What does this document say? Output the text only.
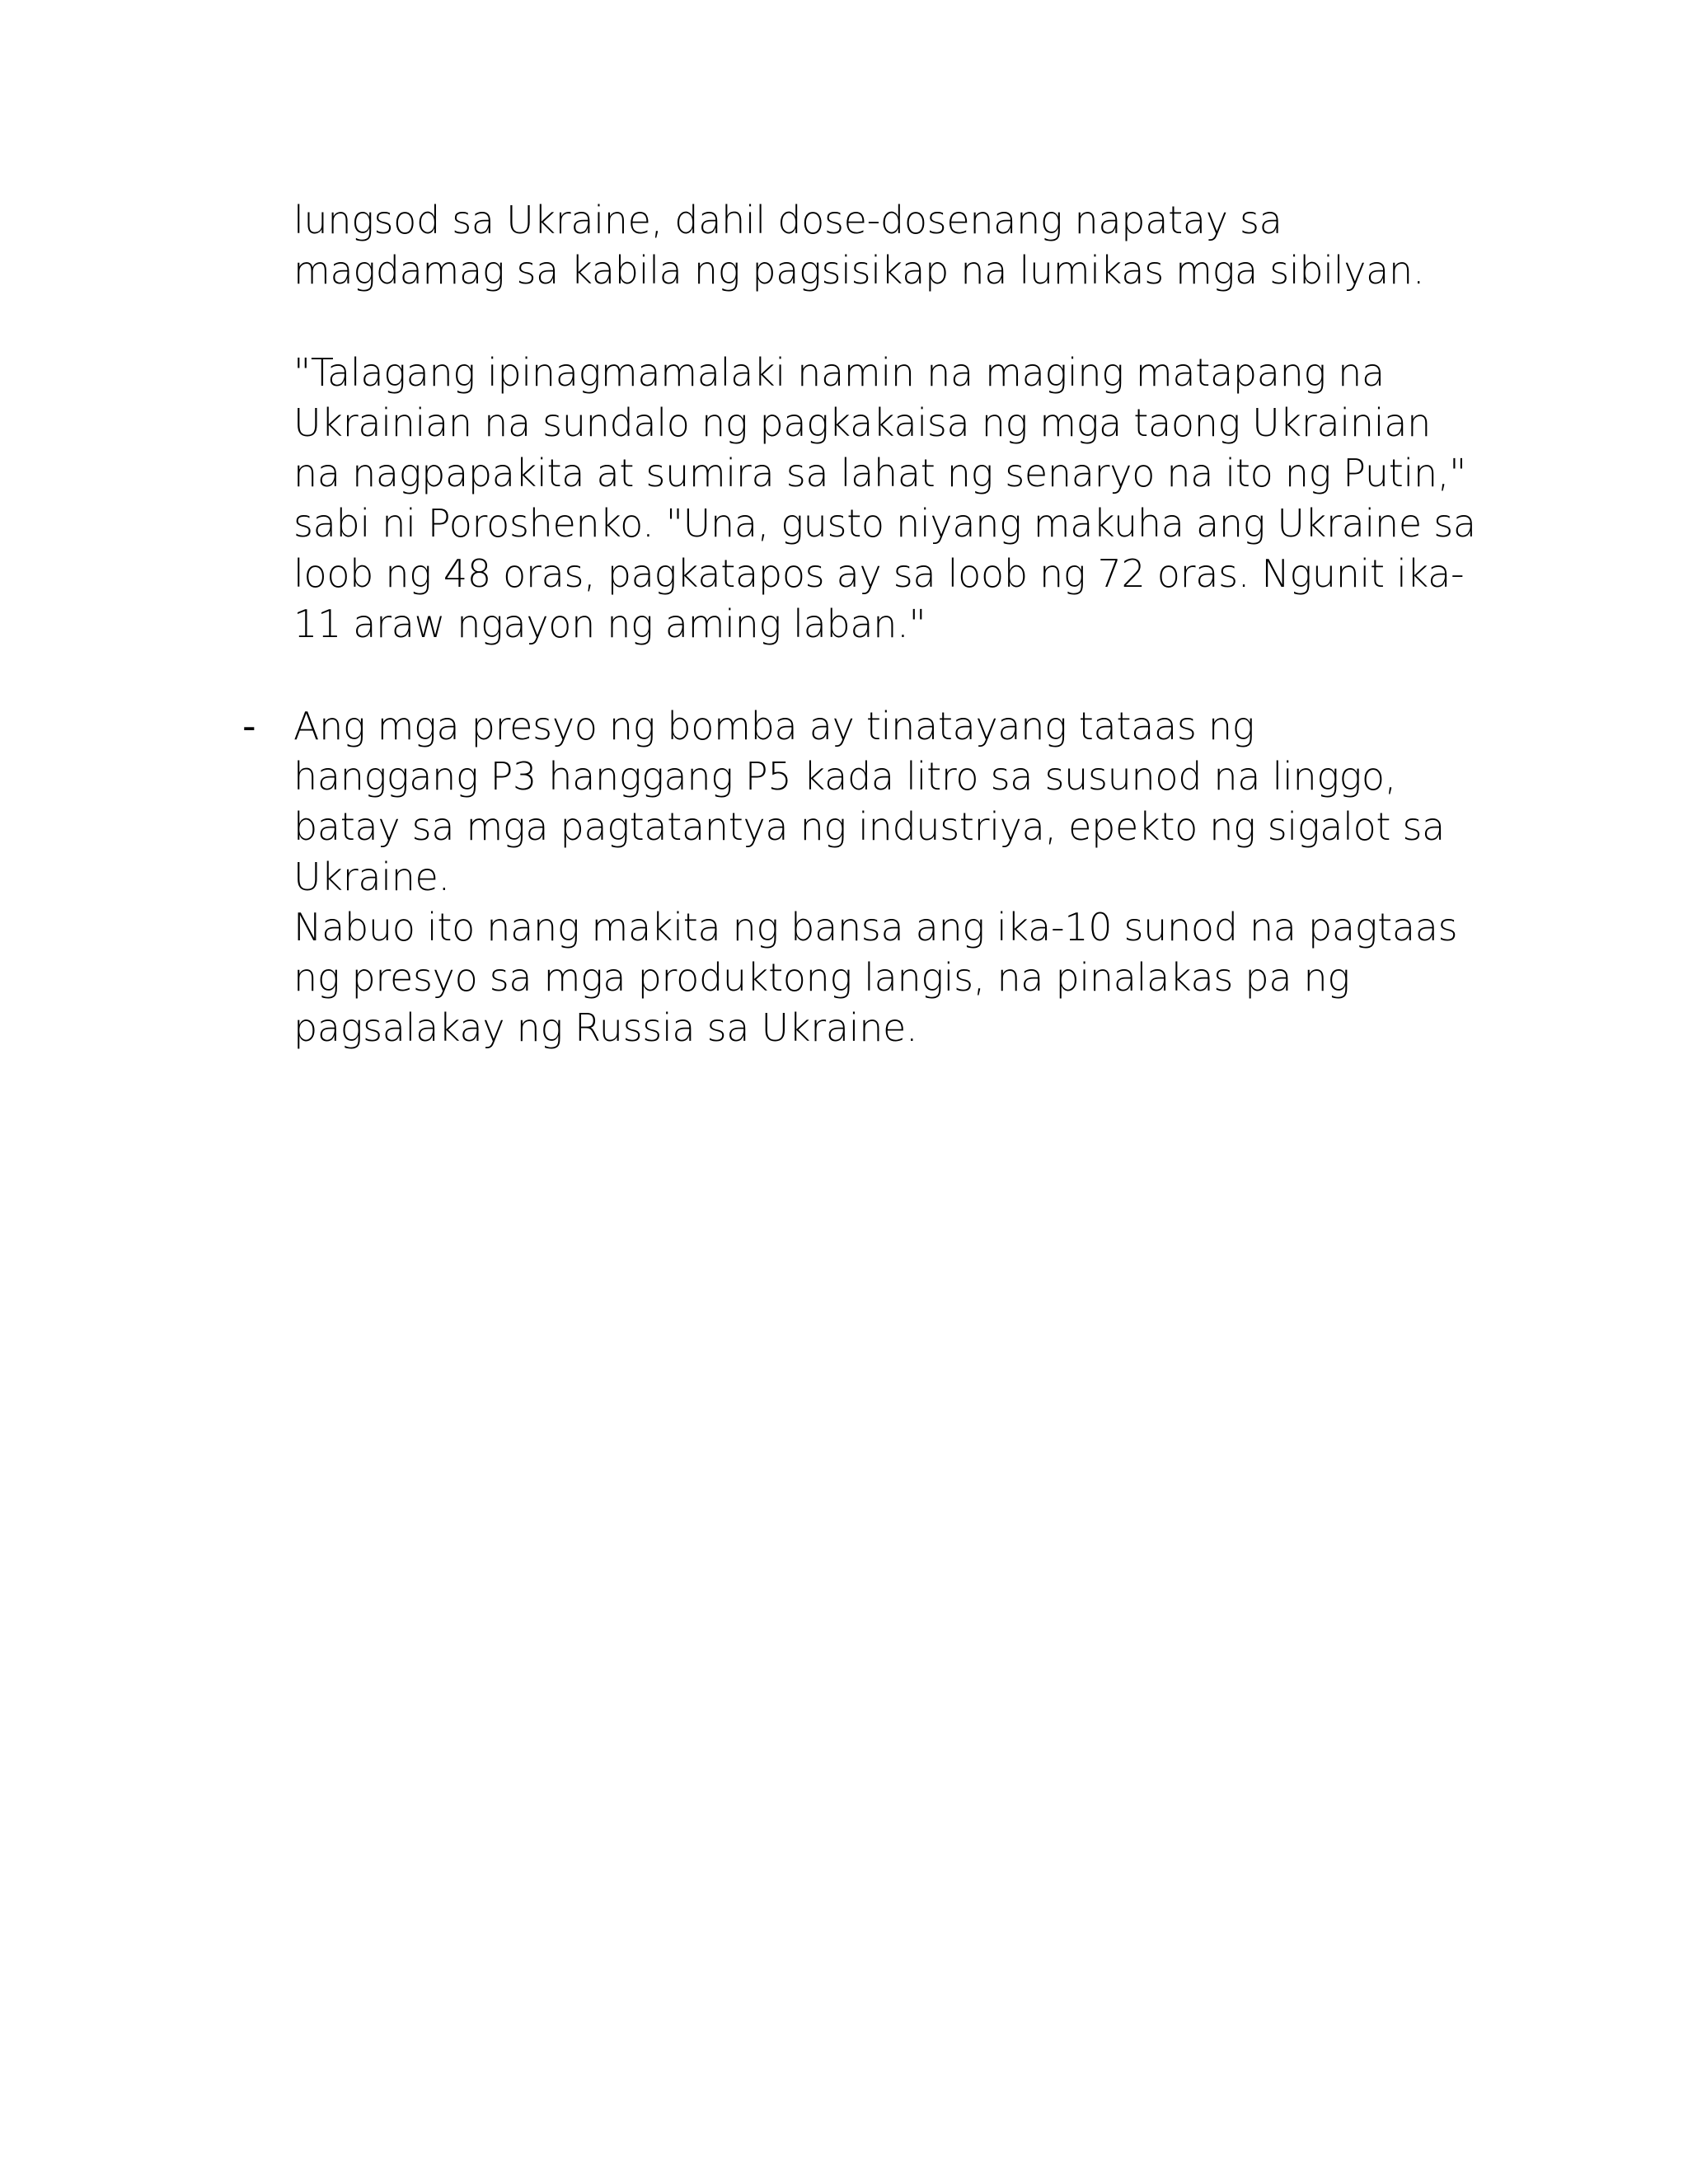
lungsod sa Ukraine, dahil dose-dosenang napatay sa
magdamag sa kabila ng pagsisikap na lumikas mga sibilyan.
"Talagang ipinagmamalaki namin na maging matapang na
Ukrainian na sundalo ng pagkakaisa ng mga taong Ukrainian
na nagpapakita at sumira sa lahat ng senaryo na ito ng Putin,"
sabi ni Poroshenko. "Una, gusto niyang makuha ang Ukraine sa
loob ng 48 oras, pagkatapos ay sa loob ng 72 oras. Ngunit ika-
11 araw ngayon ng aming laban."
- Ang mga presyo ng bomba ay tinatayang tataas ng
hanggang P3 hanggang P5 kada litro sa susunod na linggo,
batay sa mga pagtatantya ng industriya, epekto ng sigalot sa
Ukraine.
Nabuo ito nang makita ng bansa ang ika-10 sunod na pagtaas
ng presyo sa mga produktong langis, na pinalakas pa ng
pagsalakay ng Russia sa Ukraine.
